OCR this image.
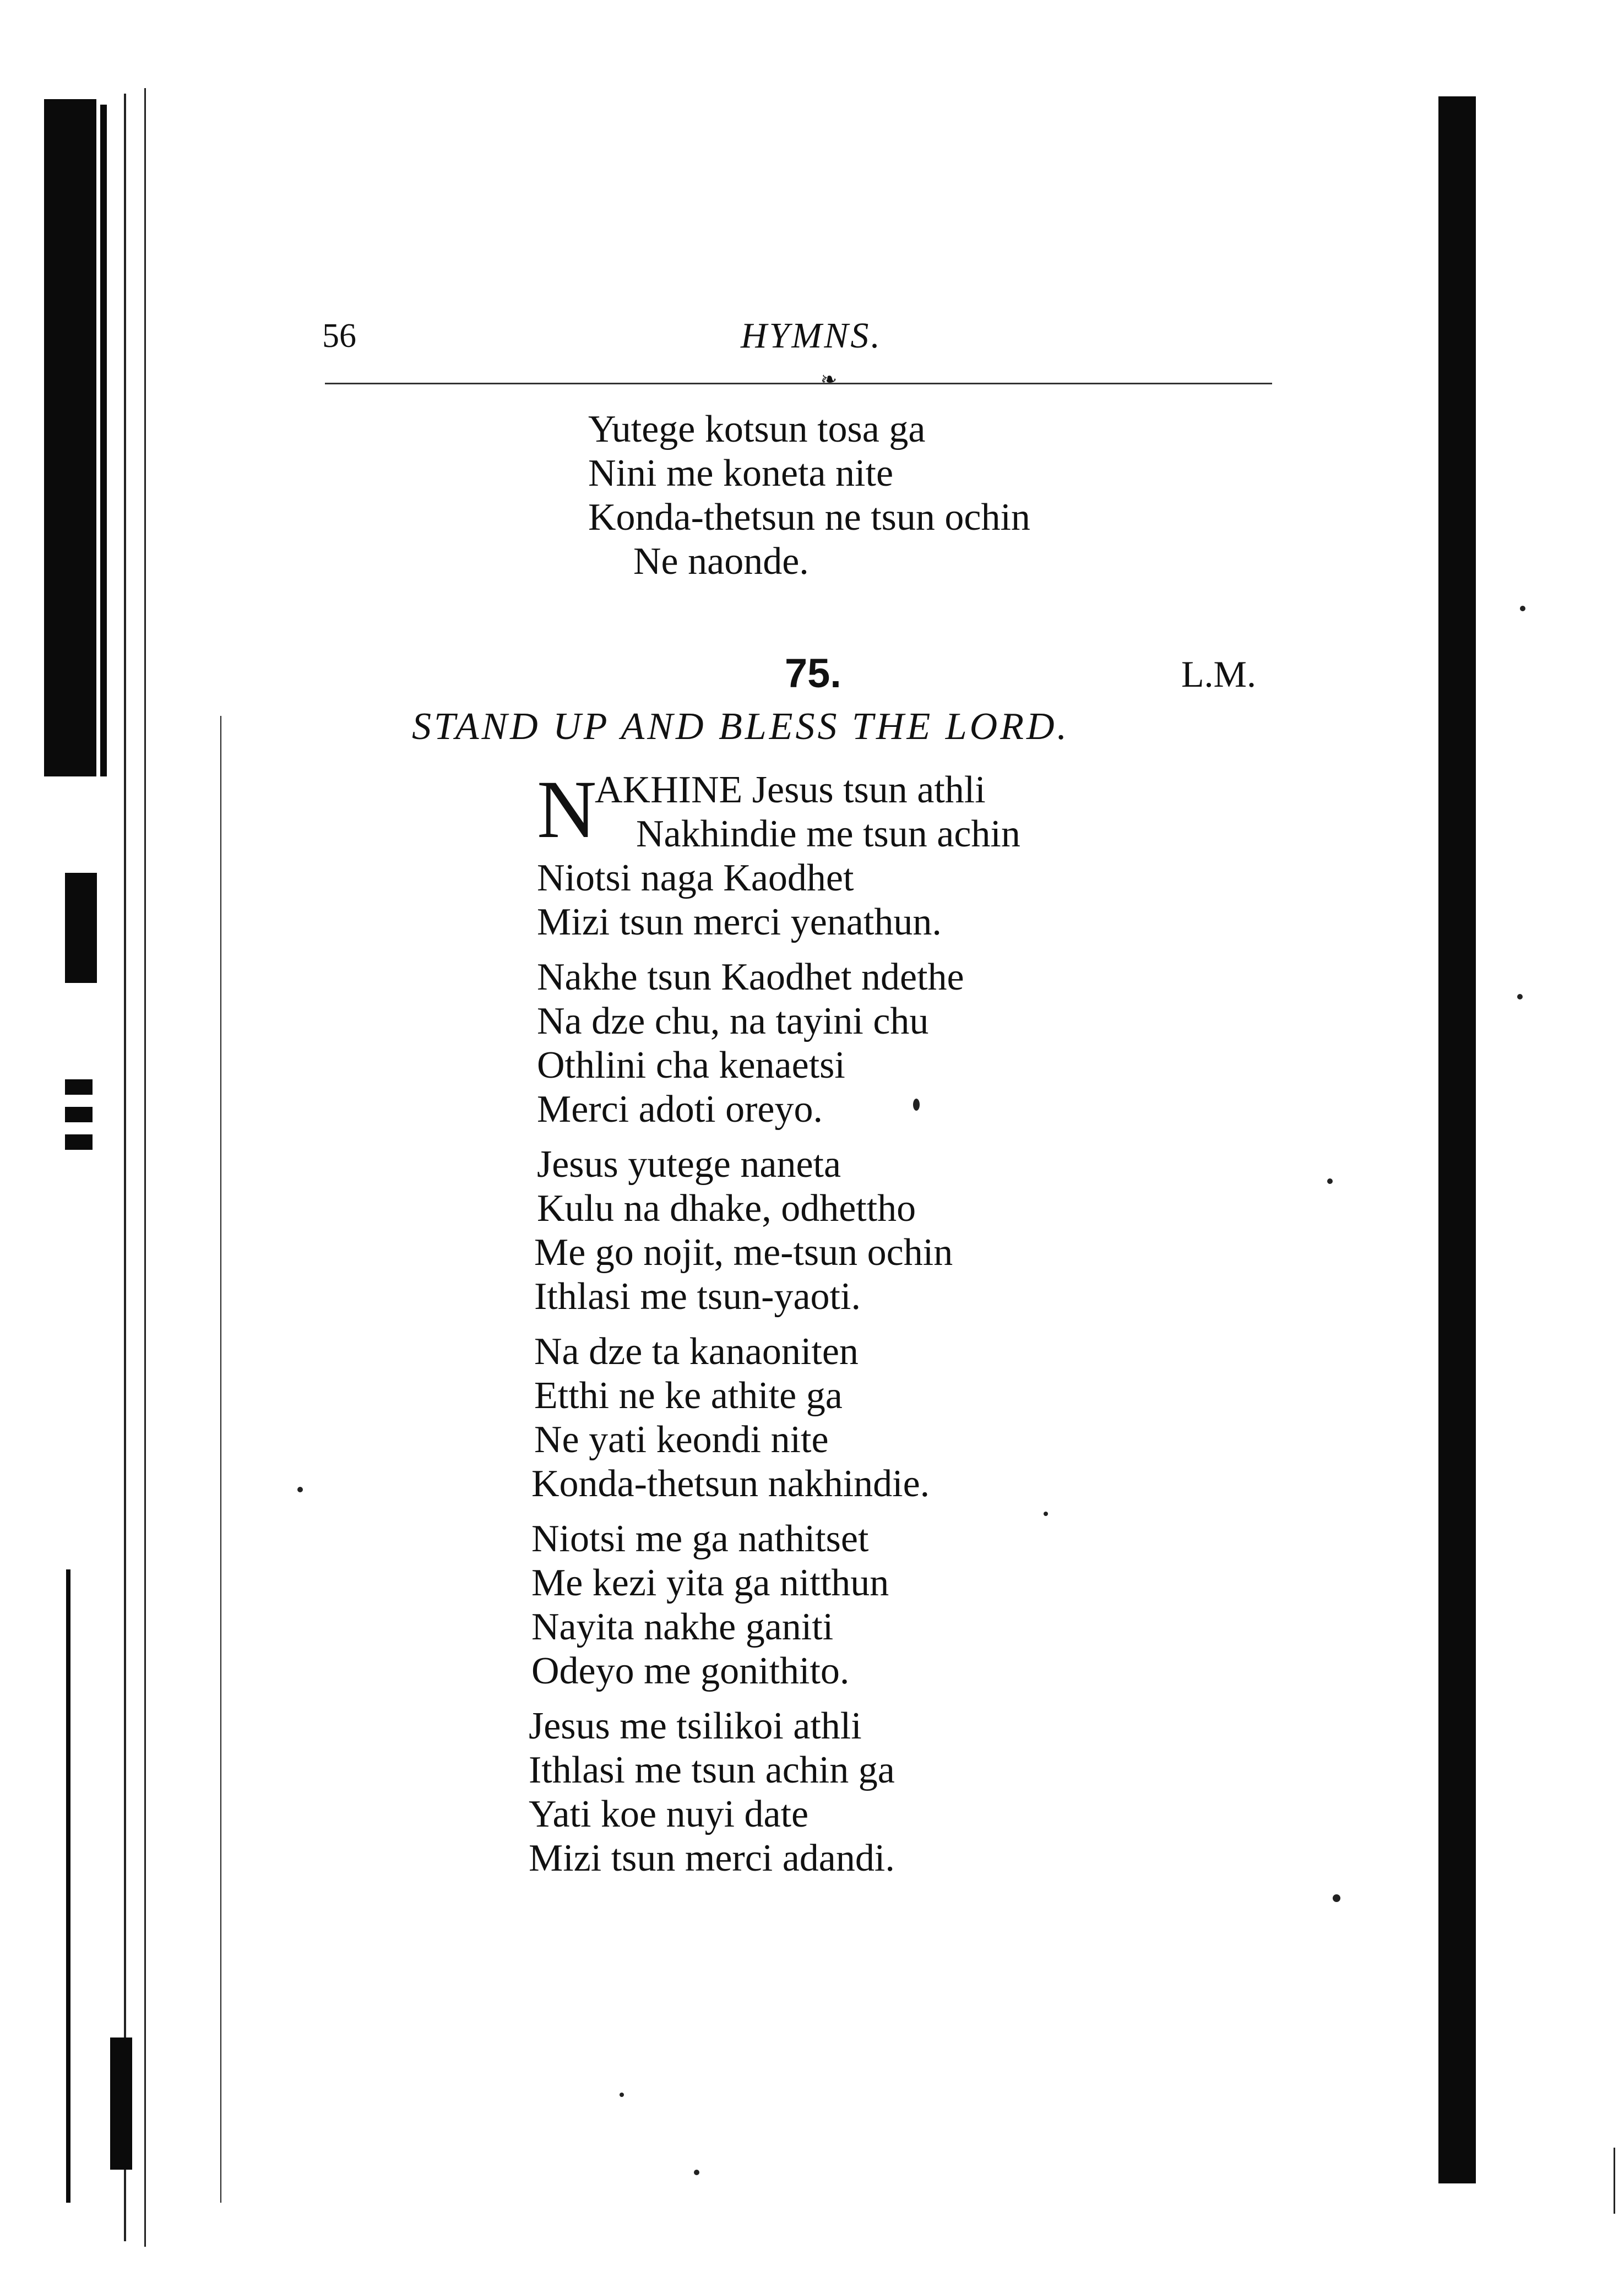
56	HYMNS.
❧
Yutege kotsun tosa ga
Nini me koneta nite
Konda-thetsun ne tsun ochin
Ne naonde.
75.	L.M.
STAND UP AND BLESS THE LORD.
N
AKHINE Jesus tsun athli
Nakhindie me tsun achin
Niotsi naga Kaodhet
Mizi tsun merci yenathun.
Nakhe tsun Kaodhet ndethe
Na dze chu, na tayini chu
Othlini cha kenaetsi
Merci adoti oreyo.
Jesus yutege naneta
Kulu na dhake, odhettho
Me go nojit, me-tsun ochin
Ithlasi me tsun-yaoti.
Na dze ta kanaoniten
Etthi ne ke athite ga
Ne yati keondi nite
Konda-thetsun nakhindie.
Niotsi me ga nathitset
Me kezi yita ga nitthun
Nayita nakhe ganiti
Odeyo me gonithito.
Jesus me tsilikoi athli
Ithlasi me tsun achin ga
Yati koe nuyi date
Mizi tsun merci adandi.
